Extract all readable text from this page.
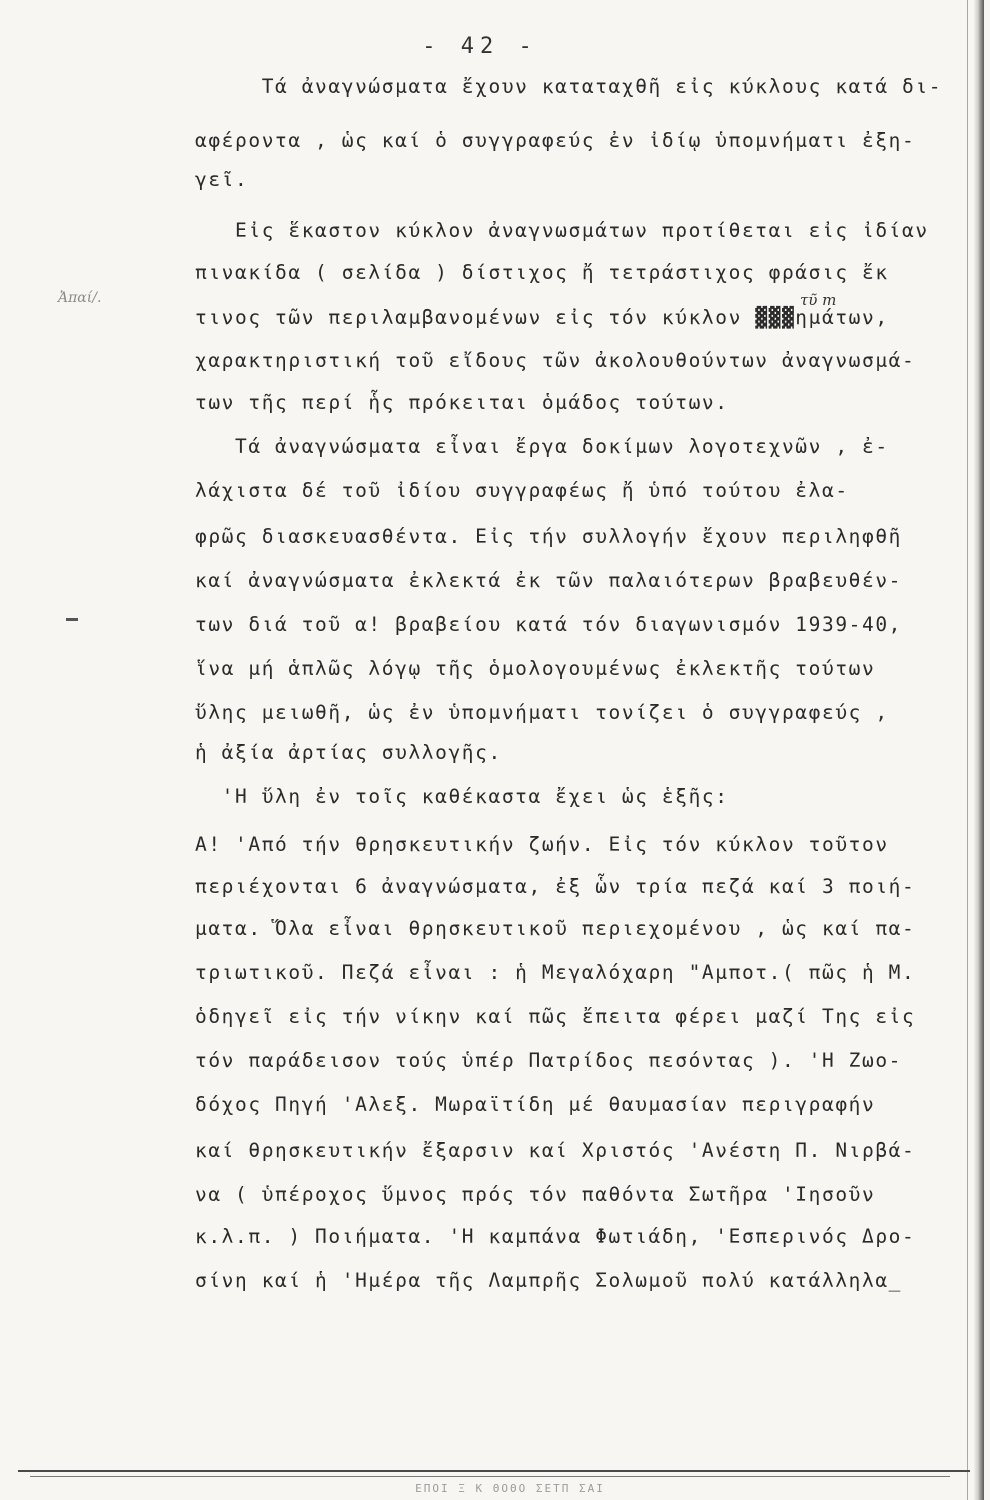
- 42 -
Ἀπαί/.	τῦ m
Τά ἀναγνώσματα ἔχουν καταταχθῆ εἰς κύκλους κατά δι-
αφέροντα , ὡς καί ὁ συγγραφεύς ἐν ἰδίῳ ὑπομνήματι ἐξη-
γεῖ.
Εἰς ἕκαστον κύκλον ἀναγνωσμάτων προτίθεται εἰς ἰδίαν
πινακίδα ( σελίδα ) δίστιχος ἤ τετράστιχος φράσις ἔκ
τινος τῶν περιλαμβανομένων εἰς τόν κύκλον ▓▓▓ημάτων,
χαρακτηριστική τοῦ εἴδους τῶν ἀκολουθούντων ἀναγνωσμά-
των τῆς περί ἧς πρόκειται ὁμάδος τούτων.
Τά ἀναγνώσματα εἶναι ἔργα δοκίμων λογοτεχνῶν , ἐ-
λάχιστα δέ τοῦ ἰδίου συγγραφέως ἤ ὑπό τούτου ἐλα-
φρῶς διασκευασθέντα. Εἰς τήν συλλογήν ἔχουν περιληφθῆ
καί ἀναγνώσματα ἐκλεκτά ἐκ τῶν παλαιότερων βραβευθέν-
των διά τοῦ α! βραβείου κατά τόν διαγωνισμόν 1939-40,
ἵνα μή ἁπλῶς λόγῳ τῆς ὁμολογουμένως ἐκλεκτῆς τούτων
ὕλης μειωθῆ, ὡς ἐν ὑπομνήματι τονίζει ὁ συγγραφεύς ,
ἡ ἀξία ἀρτίας συλλογῆς.
'Η ὕλη ἐν τοῖς καθέκαστα ἔχει ὡς ἑξῆς:
Α! 'Από τήν θρησκευτικήν ζωήν. Εἰς τόν κύκλον τοῦτον
περιέχονται 6 ἀναγνώσματα, ἐξ ὧν τρία πεζά καί 3 ποιή-
ματα. Ὅλα εἶναι θρησκευτικοῦ περιεχομένου , ὡς καί πα-
τριωτικοῦ. Πεζά εἶναι : ἡ Μεγαλόχαρη "Αμποτ.( πῶς ἡ Μ.
ὁδηγεῖ εἰς τήν νίκην καί πῶς ἔπειτα φέρει μαζί Της εἰς
τόν παράδεισον τούς ὑπέρ Πατρίδος πεσόντας ). 'Η Ζωο-
δόχος Πηγή 'Αλεξ. Μωραϊτίδη μέ θαυμασίαν περιγραφήν
καί θρησκευτικήν ἔξαρσιν καί Χριστός 'Ανέστη Π. Νιρβά-
να ( ὑπέροχος ὕμνος πρός τόν παθόντα Σωτῆρα 'Ιησοῦν
κ.λ.π. ) Ποιήματα. 'Η καμπάνα Φωτιάδη, 'Εσπερινός Δρο-
σίνη καί ἡ 'Ημέρα τῆς Λαμπρῆς Σολωμοῦ πολύ κατάλληλα_
ΕΠΟΙ Ξ Κ ΘΟΘΟ ΣΕΤΠ ΣΑΙ
